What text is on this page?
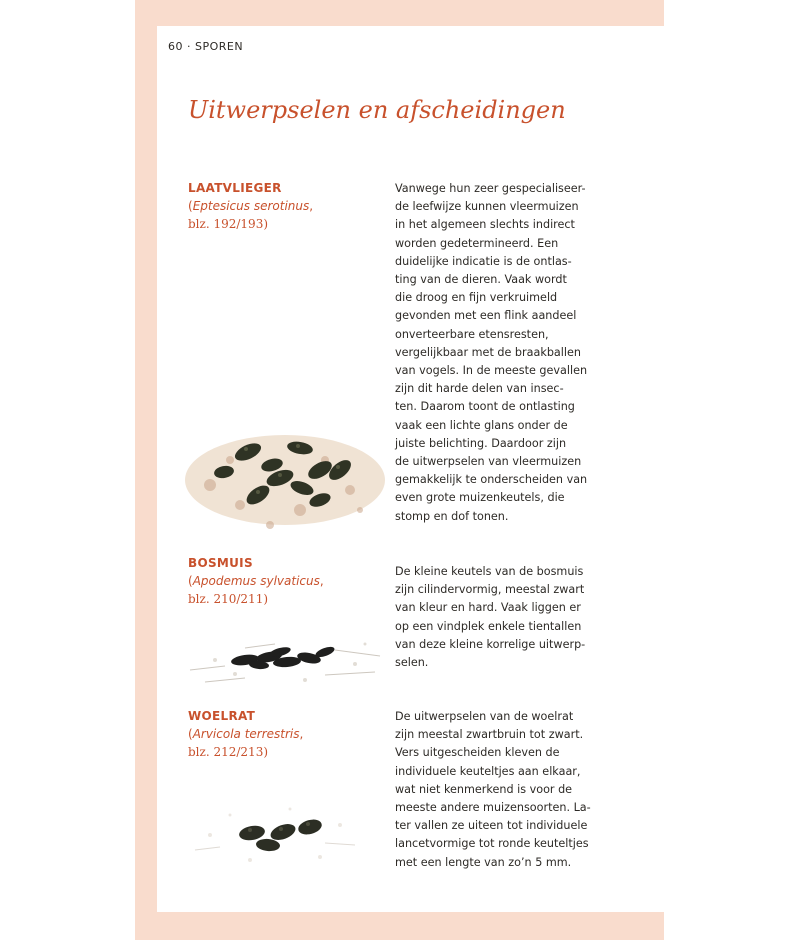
60 · SPOREN
Uitwerpselen en afscheidingen
LAATVLIEGER
(Eptesicus serotinus,
blz. 192/193)
Vanwege hun zeer gespecialiseer-
de leefwijze kunnen vleermuizen
in het algemeen slechts indirect
worden gedetermineerd. Een
duidelijke indicatie is de ontlas-
ting van de dieren. Vaak wordt
die droog en fijn verkruimeld
gevonden met een flink aandeel
onverteerbare etensresten,
vergelijkbaar met de braakballen
van vogels. In de meeste gevallen
zijn dit harde delen van insec-
ten. Daarom toont de ontlasting
vaak een lichte glans onder de
juiste belichting. Daardoor zijn
de uitwerpselen van vleermuizen
gemakkelijk te onderscheiden van
even grote muizenkeutels, die
stomp en dof tonen.
BOSMUIS
(Apodemus sylvaticus,
blz. 210/211)
De kleine keutels van de bosmuis
zijn cilindervormig, meestal zwart
van kleur en hard. Vaak liggen er
op een vindplek enkele tientallen
van deze kleine korrelige uitwerp-
selen.
WOELRAT
(Arvicola terrestris,
blz. 212/213)
De uitwerpselen van de woelrat
zijn meestal zwartbruin tot zwart.
Vers uitgescheiden kleven de
individuele keuteltjes aan elkaar,
wat niet kenmerkend is voor de
meeste andere muizensoorten. La-
ter vallen ze uiteen tot individuele
lancetvormige tot ronde keuteltjes
met een lengte van zo’n 5 mm.
